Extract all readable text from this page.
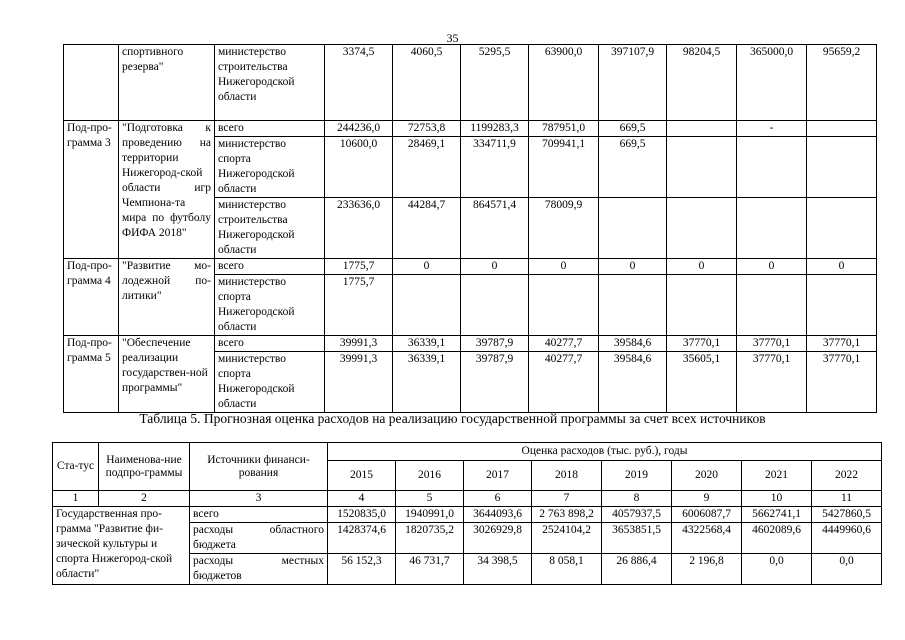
35
	спортивного резерва"	министерство строительства Нижегородской области	3374,5	4060,5	5295,5	63900,0	397107,9	98204,5	365000,0	95659,2
Под-про-грамма 3	"Подготовка к проведению на территории Нижегород-ской области игр Чемпиона-та мира по футболу ФИФА 2018"	всего	244236,0	72753,8	1199283,3	787951,0	669,5		-	
		министерство спорта Нижегородской области	10600,0	28469,1	334711,9	709941,1	669,5			
		министерство строительства Нижегородской области	233636,0	44284,7	864571,4	78009,9				
Под-про-грамма 4	"Развитие мо-лодежной по-литики"	всего	1775,7	0	0	0	0	0	0	0
		министерство спорта Нижегородской области	1775,7							
Под-про-грамма 5	"Обеспечение реализации государствен-ной программы"	всего	39991,3	36339,1	39787,9	40277,7	39584,6	37770,1	37770,1	37770,1
		министерство спорта Нижегородской области	39991,3	36339,1	39787,9	40277,7	39584,6	35605,1	37770,1	37770,1
Таблица 5. Прогнозная оценка расходов на реализацию государственной программы за счет всех источников
Ста-тус	Наименова-ние подпро-граммы	Источники финанси-рования	Оценка расходов (тыс. руб.), годы							
			2015	2016	2017	2018	2019	2020	2021	2022
1	2	3	4	5	6	7	8	9	10	11
Государственная про-грамма "Развитие фи-зической культуры и спорта Нижегород-ской области"		всего	1520835,0	1940991,0	3644093,6	2 763 898,2	4057937,5	6006087,7	5662741,1	5427860,5
		расходы областного бюджета	1428374,6	1820735,2	3026929,8	2524104,2	3653851,5	4322568,4	4602089,6	4449960,6
		расходы местных бюджетов	56 152,3	46 731,7	34 398,5	8 058,1	26 886,4	2 196,8	0,0	0,0
